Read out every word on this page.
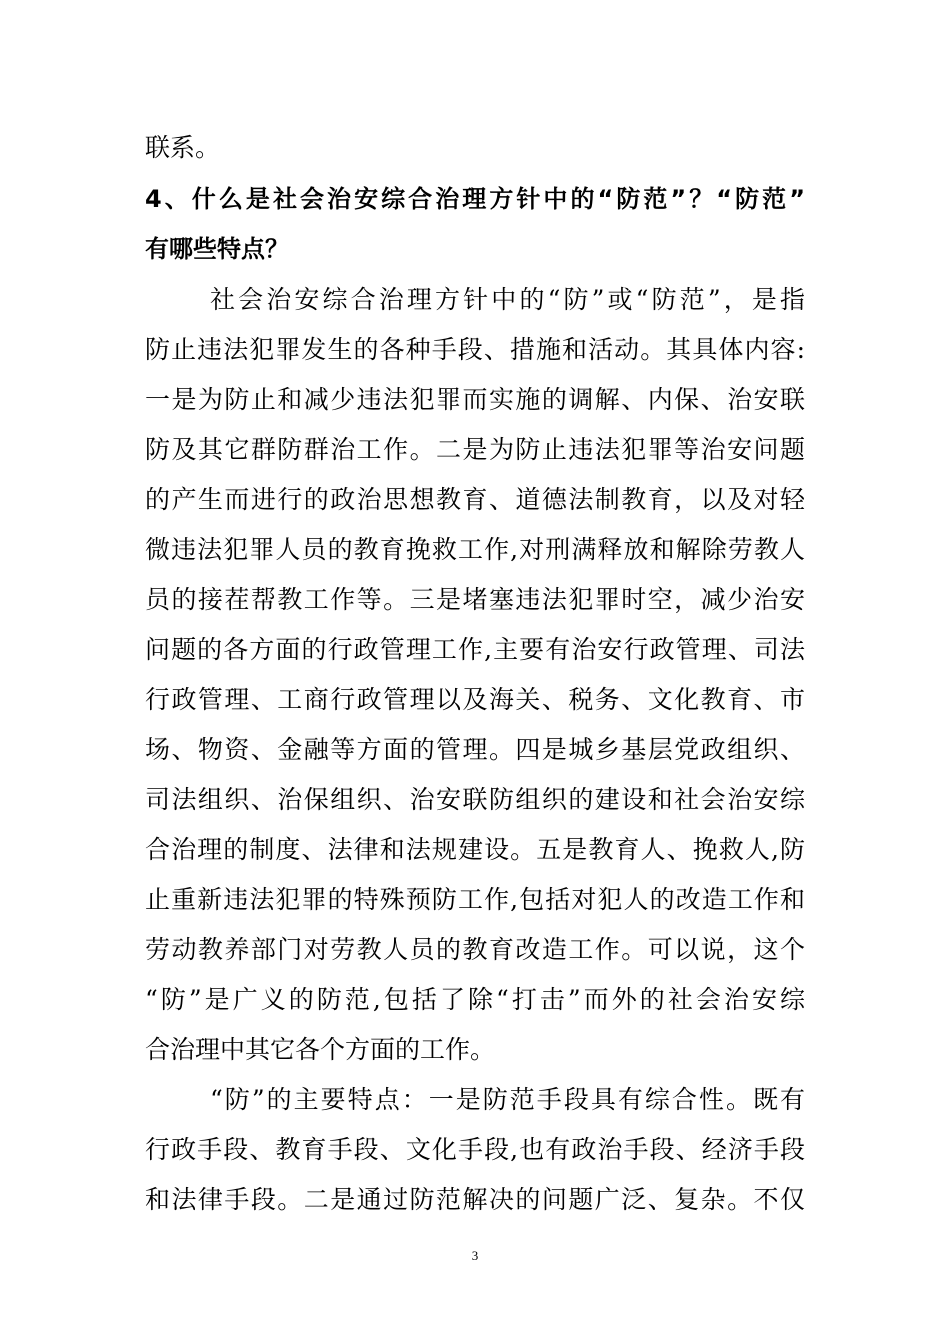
联系。
4、什么是社会治安综合治理方针中的“防范”？“防范”
有哪些特点？
社会治安综合治理方针中的“防”或“防范”，是指
防止违法犯罪发生的各种手段、措施和活动。其具体内容:
一是为防止和减少违法犯罪而实施的调解、内保、治安联
防及其它群防群治工作。二是为防止违法犯罪等治安问题
的产生而进行的政治思想教育、道德法制教育，以及对轻
微违法犯罪人员的教育挽救工作,对刑满释放和解除劳教人
员的接茬帮教工作等。三是堵塞违法犯罪时空，减少治安
问题的各方面的行政管理工作,主要有治安行政管理、司法
行政管理、工商行政管理以及海关、税务、文化教育、市
场、物资、金融等方面的管理。四是城乡基层党政组织、
司法组织、治保组织、治安联防组织的建设和社会治安综
合治理的制度、法律和法规建设。五是教育人、挽救人,防
止重新违法犯罪的特殊预防工作,包括对犯人的改造工作和
劳动教养部门对劳教人员的教育改造工作。可以说，这个
“防”是广义的防范,包括了除“打击”而外的社会治安综
合治理中其它各个方面的工作。
“防”的主要特点：一是防范手段具有综合性。既有
行政手段、教育手段、文化手段,也有政治手段、经济手段
和法律手段。二是通过防范解决的问题广泛、复杂。不仅
3
